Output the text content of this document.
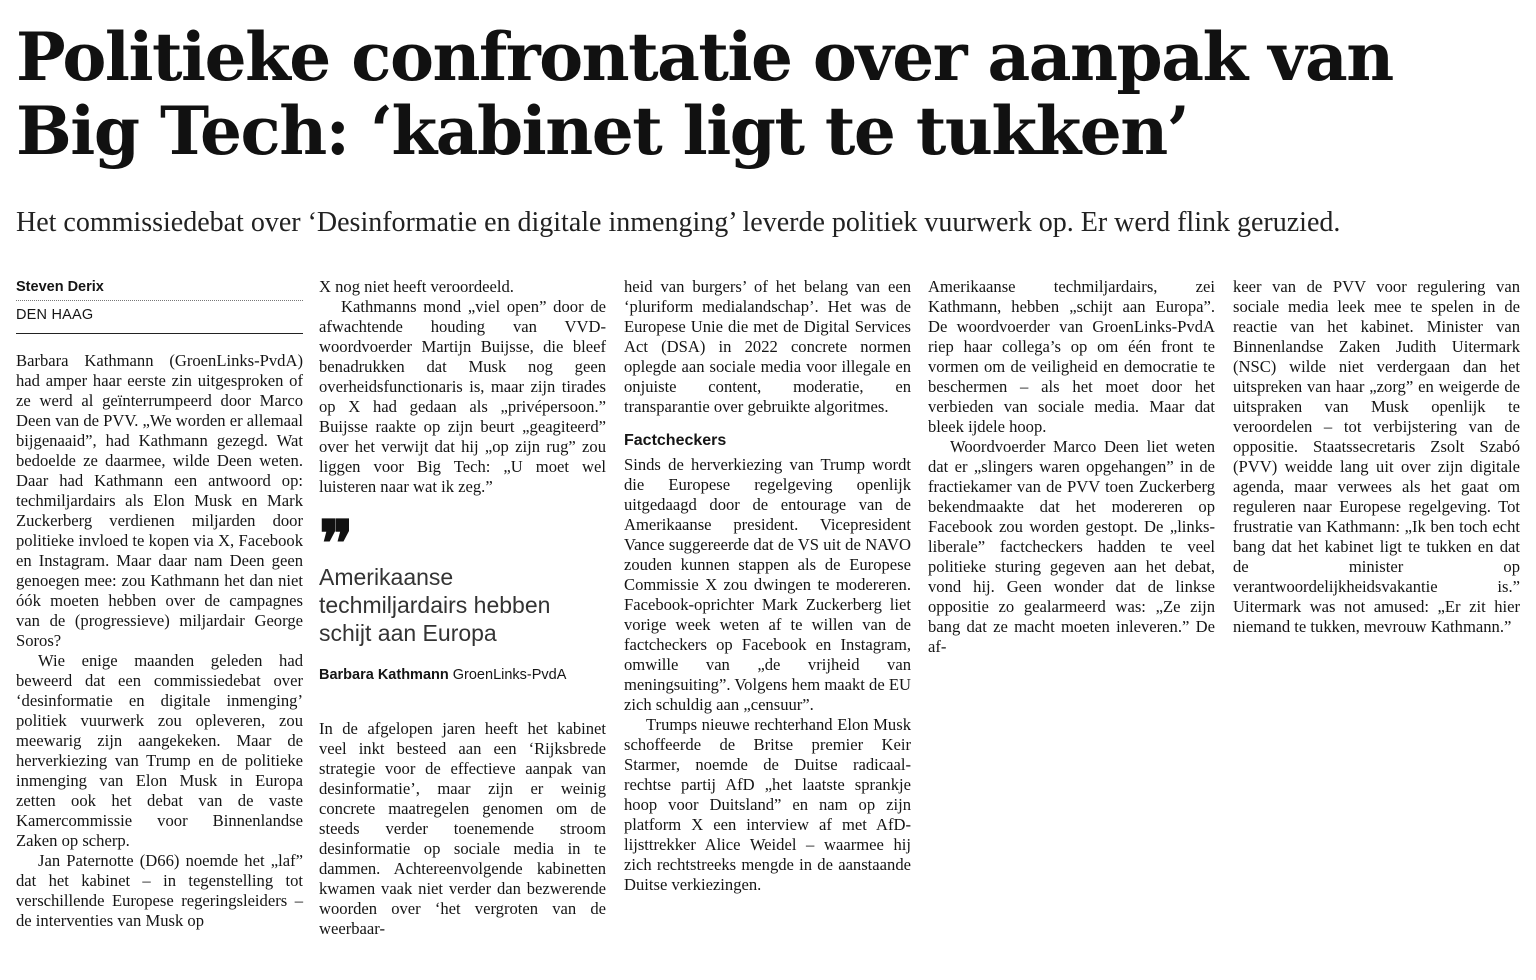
Politieke confrontatie over aanpak van Big Tech: ‘kabinet ligt te tukken’
Het commissiedebat over ‘Desinformatie en digitale inmenging’ leverde politiek vuurwerk op. Er werd flink geruzied.
Steven Derix
DEN HAAG

Barbara Kathmann (GroenLinks-PvdA) had amper haar eerste zin uitgesproken of ze werd al geïnterrumpeerd door Marco Deen van de PVV. „We worden er allemaal bijgenaaid”, had Kathmann gezegd. Wat bedoelde ze daarmee, wilde Deen weten. Daar had Kathmann een antwoord op: techmiljardairs als Elon Musk en Mark Zuckerberg verdienen miljarden door politieke invloed te kopen via X, Facebook en Instagram. Maar daar nam Deen geen genoegen mee: zou Kathmann het dan niet óók moeten hebben over de campagnes van de (progressieve) miljardair George Soros?

Wie enige maanden geleden had beweerd dat een commissiedebat over ‘desinformatie en digitale inmenging’ politiek vuurwerk zou opleveren, zou meewarig zijn aangekeken. Maar de herverkiezing van Trump en de politieke inmenging van Elon Musk in Europa zetten ook het debat van de vaste Kamercommissie voor Binnenlandse Zaken op scherp.

Jan Paternotte (D66) noemde het „laf” dat het kabinet – in tegenstelling tot verschillende Europese regeringsleiders – de interventies van Musk op

X nog niet heeft veroordeeld.

Kathmanns mond „viel open” door de afwachtende houding van VVD-woordvoerder Martijn Buijsse, die bleef benadrukken dat Musk nog geen overheidsfunctionaris is, maar zijn tirades op X had gedaan als „privépersoon.” Buijsse raakte op zijn beurt „geagiteerd” over het verwijt dat hij „op zijn rug” zou liggen voor Big Tech: „U moet wel luisteren naar wat ik zeg.”

❞
Amerikaanse techmiljardairs hebben schijt aan Europa
Barbara Kathmann GroenLinks-PvdA

In de afgelopen jaren heeft het kabinet veel inkt besteed aan een ‘Rijksbrede strategie voor de effectieve aanpak van desinformatie’, maar zijn er weinig concrete maatregelen genomen om de steeds verder toenemende stroom desinformatie op sociale media in te dammen. Achtereenvolgende kabinetten kwamen vaak niet verder dan bezwerende woorden over ‘het vergroten van de weerbaar-

heid van burgers’ of het belang van een ‘pluriform medialandschap’. Het was de Europese Unie die met de Digital Services Act (DSA) in 2022 concrete normen oplegde aan sociale media voor illegale en onjuiste content, moderatie, en transparantie over gebruikte algoritmes.

Factcheckers

Sinds de herverkiezing van Trump wordt die Europese regelgeving openlijk uitgedaagd door de entourage van de Amerikaanse president. Vicepresident Vance suggereerde dat de VS uit de NAVO zouden kunnen stappen als de Europese Commissie X zou dwingen te modereren. Facebook-oprichter Mark Zuckerberg liet vorige week weten af te willen van de factcheckers op Facebook en Instagram, omwille van „de vrijheid van meningsuiting”. Volgens hem maakt de EU zich schuldig aan „censuur”.

Trumps nieuwe rechterhand Elon Musk schoffeerde de Britse premier Keir Starmer, noemde de Duitse radicaal-rechtse partij AfD „het laatste sprankje hoop voor Duitsland” en nam op zijn platform X een interview af met AfD-lijsttrekker Alice Weidel – waarmee hij zich rechtstreeks mengde in de aanstaande Duitse verkiezingen.

Amerikaanse techmiljardairs, zei Kathmann, hebben „schijt aan Europa”. De woordvoerder van GroenLinks-PvdA riep haar collega’s op om één front te vormen om de veiligheid en democratie te beschermen – als het moet door het verbieden van sociale media. Maar dat bleek ijdele hoop.

Woordvoerder Marco Deen liet weten dat er „slingers waren opgehangen” in de fractiekamer van de PVV toen Zuckerberg bekendmaakte dat het modereren op Facebook zou worden gestopt. De „links-liberale” factcheckers hadden te veel politieke sturing gegeven aan het debat, vond hij. Geen wonder dat de linkse oppositie zo gealarmeerd was: „Ze zijn bang dat ze macht moeten inleveren.” De af-

keer van de PVV voor regulering van sociale media leek mee te spelen in de reactie van het kabinet. Minister van Binnenlandse Zaken Judith Uitermark (NSC) wilde niet verdergaan dan het uitspreken van haar „zorg” en weigerde de uitspraken van Musk openlijk te veroordelen – tot verbijstering van de oppositie. Staatssecretaris Zsolt Szabó (PVV) weidde lang uit over zijn digitale agenda, maar verwees als het gaat om reguleren naar Europese regelgeving. Tot frustratie van Kathmann: „Ik ben toch echt bang dat het kabinet ligt te tukken en dat de minister op verantwoordelijkheidsvakantie is.” Uitermark was not amused: „Er zit hier niemand te tukken, mevrouw Kathmann.”
